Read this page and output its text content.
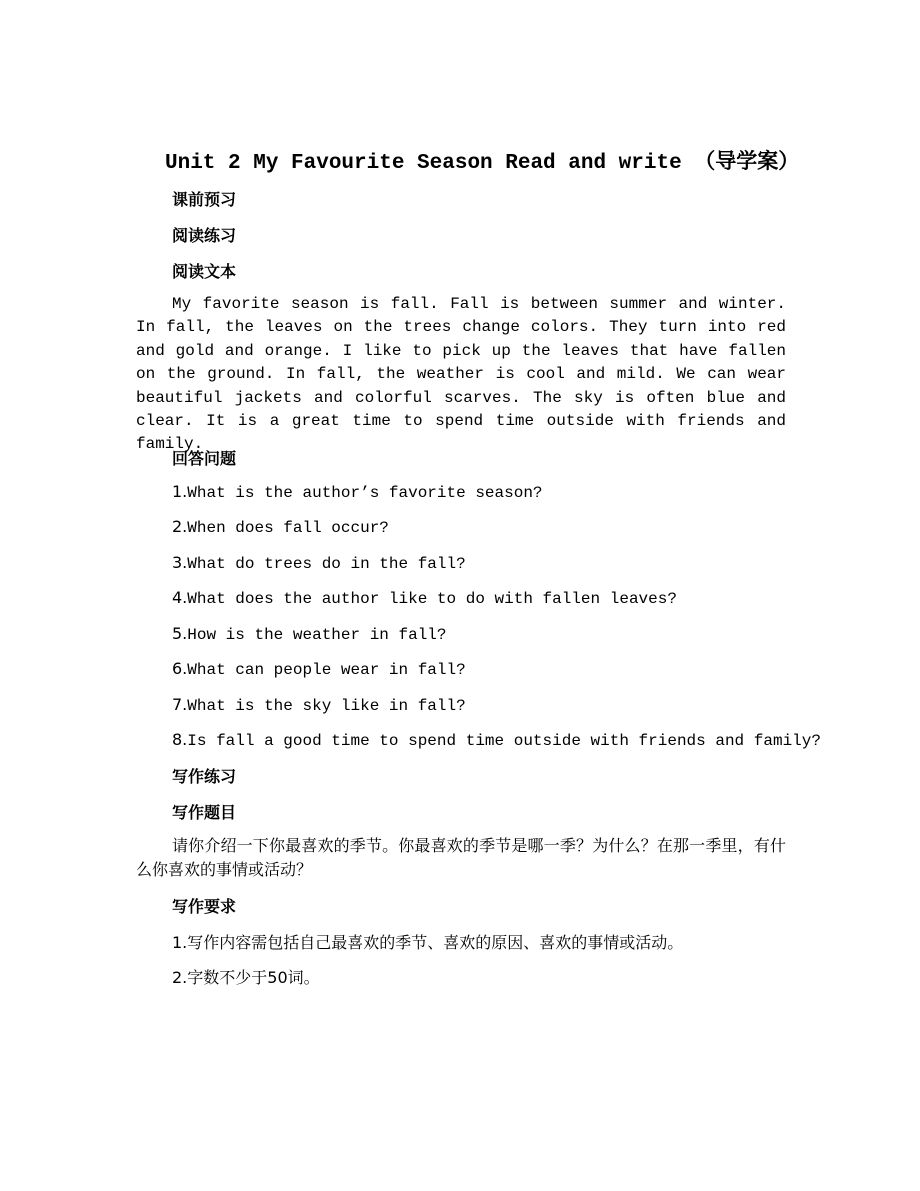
Unit 2 My Favourite Season Read and write （导学案）
课前预习
阅读练习
阅读文本
My favorite season is fall. Fall is between summer and winter. In fall, the leaves on the trees change colors. They turn into red and gold and orange. I like to pick up the leaves that have fallen on the ground. In fall, the weather is cool and mild. We can wear beautiful jackets and colorful scarves. The sky is often blue and clear. It is a great time to spend time outside with friends and family.
回答问题
1.What is the author’s favorite season?
2.When does fall occur?
3.What do trees do in the fall?
4.What does the author like to do with fallen leaves?
5.How is the weather in fall?
6.What can people wear in fall?
7.What is the sky like in fall?
8.Is fall a good time to spend time outside with friends and family?
写作练习
写作题目
请你介绍一下你最喜欢的季节。你最喜欢的季节是哪一季？为什么？在那一季里，有什么你喜欢的事情或活动？
写作要求
1.写作内容需包括自己最喜欢的季节、喜欢的原因、喜欢的事情或活动。
2.字数不少于50词。
